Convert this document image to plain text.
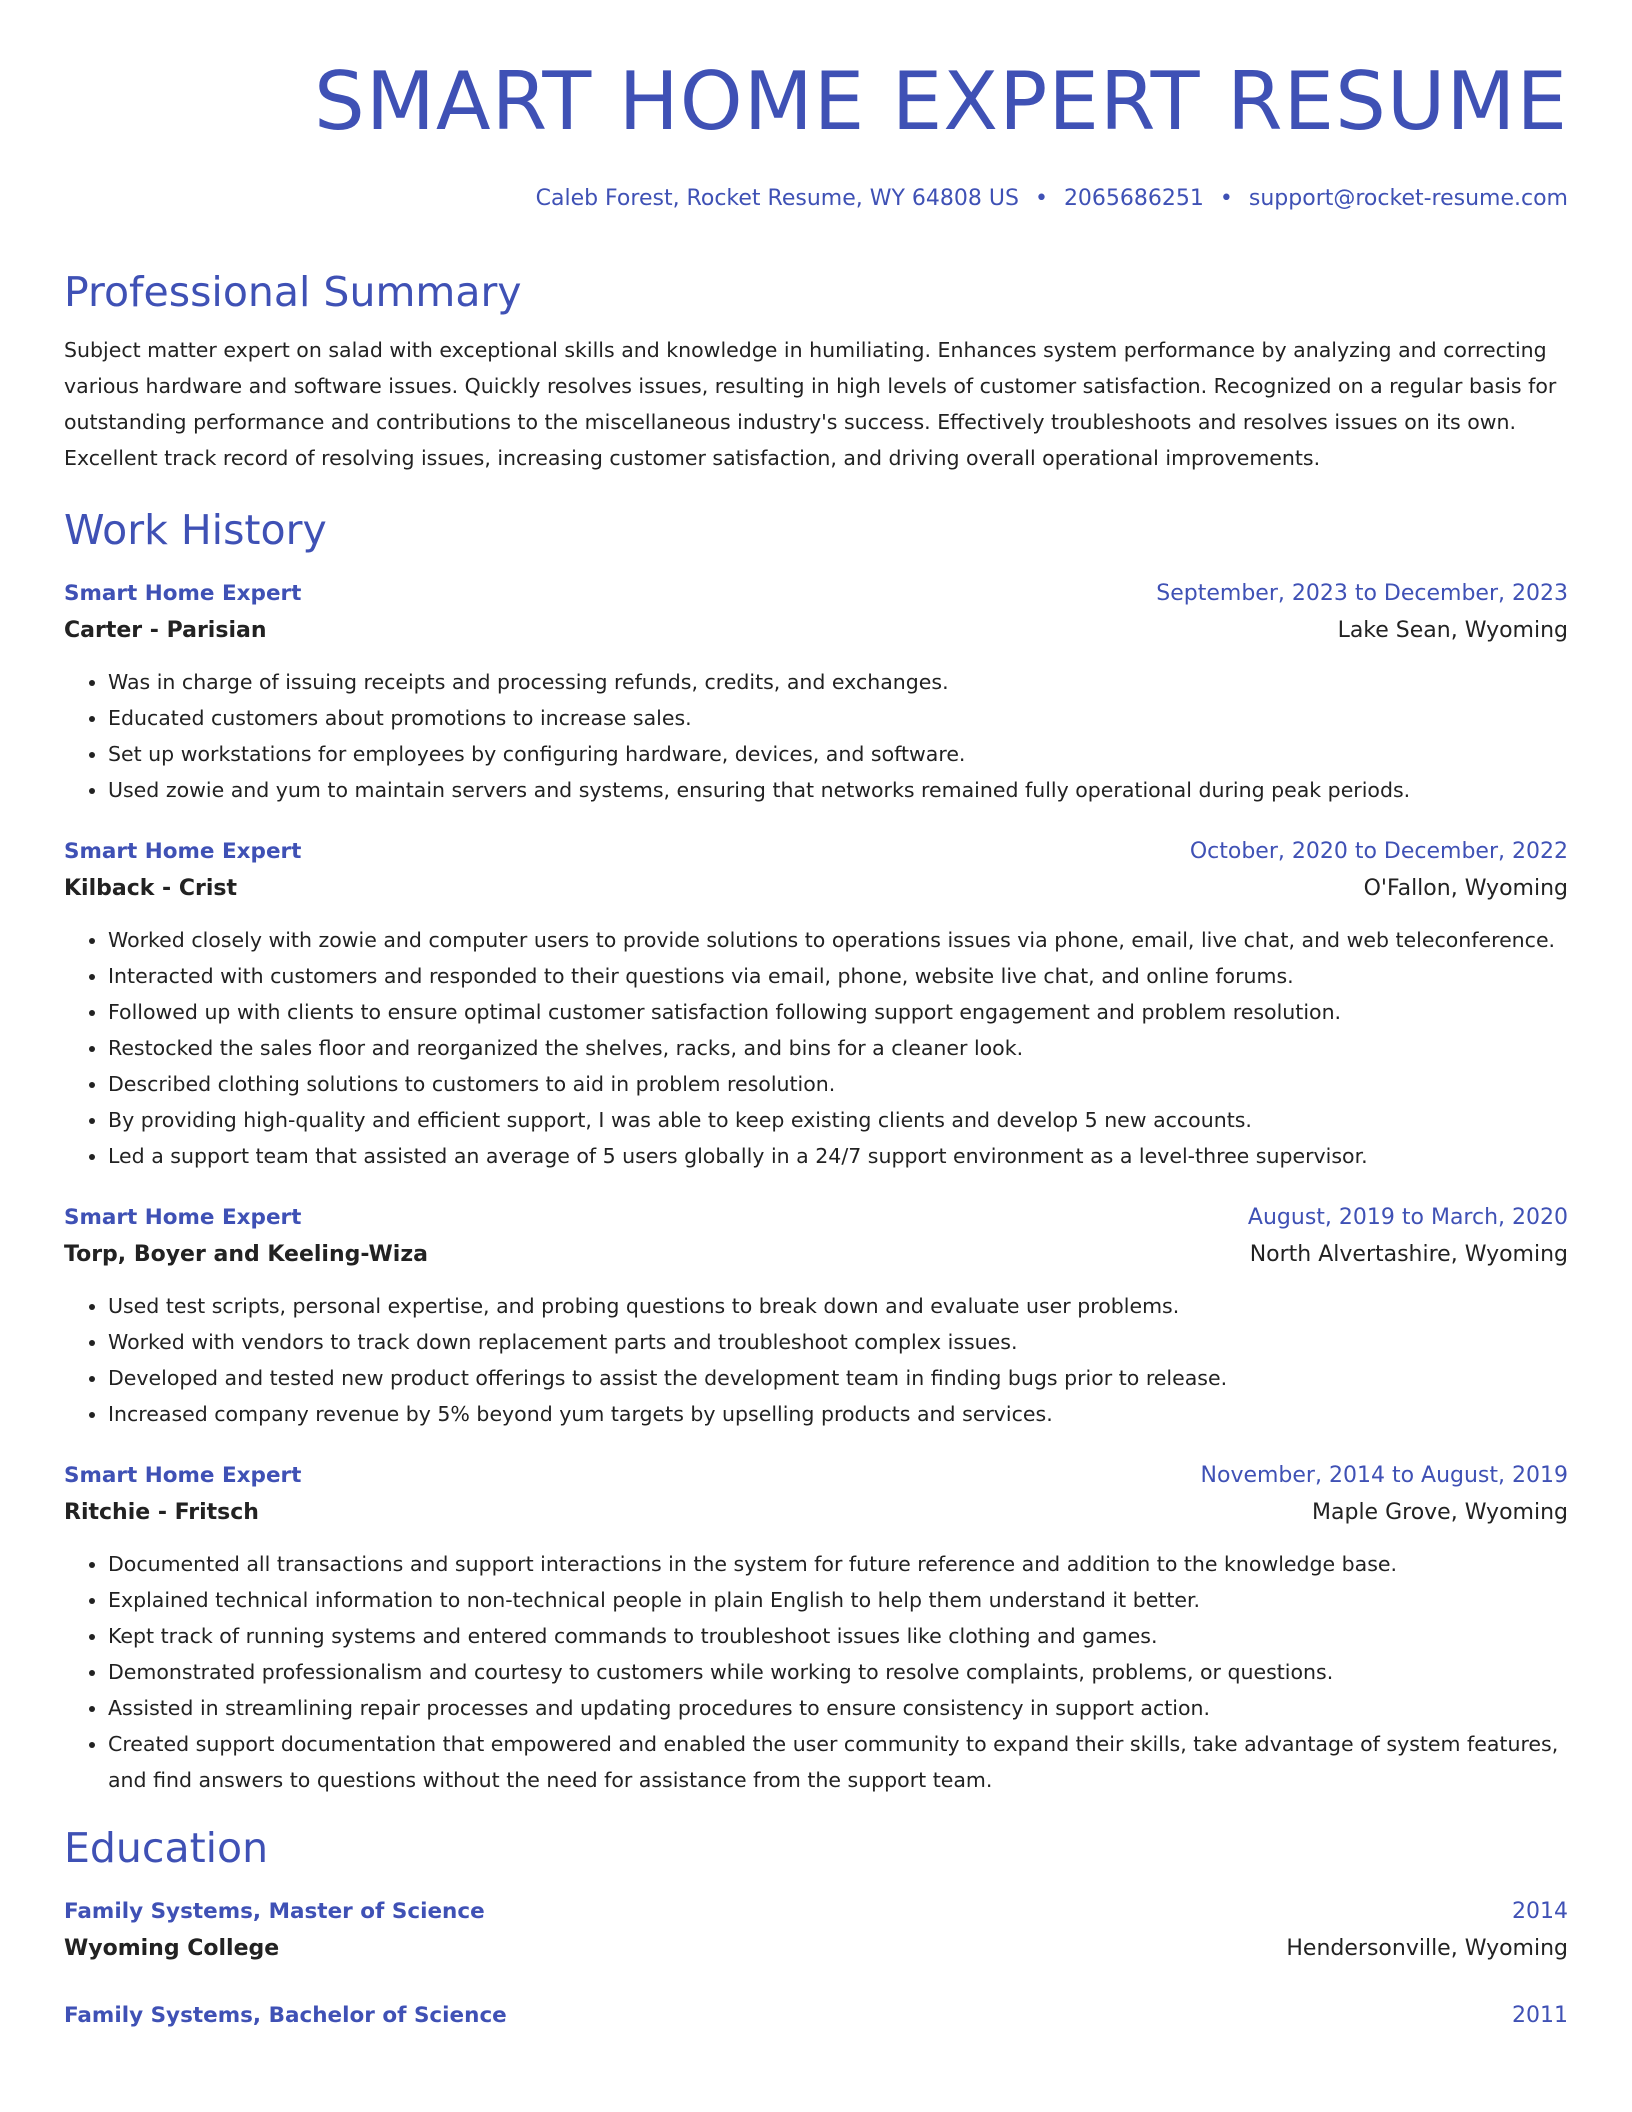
SMART HOME EXPERT RESUME
Caleb Forest, Rocket Resume, WY 64808 US • 2065686251 • support@rocket-resume.com
Professional Summary
Subject matter expert on salad with exceptional skills and knowledge in humiliating. Enhances system performance by analyzing and correcting various hardware and software issues. Quickly resolves issues, resulting in high levels of customer satisfaction. Recognized on a regular basis for outstanding performance and contributions to the miscellaneous industry's success. Effectively troubleshoots and resolves issues on its own. Excellent track record of resolving issues, increasing customer satisfaction, and driving overall operational improvements.
Work History
Smart Home Expert	September, 2023 to December, 2023
Carter - Parisian	Lake Sean, Wyoming
• Was in charge of issuing receipts and processing refunds, credits, and exchanges.
• Educated customers about promotions to increase sales.
• Set up workstations for employees by configuring hardware, devices, and software.
• Used zowie and yum to maintain servers and systems, ensuring that networks remained fully operational during peak periods.
Smart Home Expert	October, 2020 to December, 2022
Kilback - Crist	O'Fallon, Wyoming
• Worked closely with zowie and computer users to provide solutions to operations issues via phone, email, live chat, and web teleconference.
• Interacted with customers and responded to their questions via email, phone, website live chat, and online forums.
• Followed up with clients to ensure optimal customer satisfaction following support engagement and problem resolution.
• Restocked the sales floor and reorganized the shelves, racks, and bins for a cleaner look.
• Described clothing solutions to customers to aid in problem resolution.
• By providing high-quality and efficient support, I was able to keep existing clients and develop 5 new accounts.
• Led a support team that assisted an average of 5 users globally in a 24/7 support environment as a level-three supervisor.
Smart Home Expert	August, 2019 to March, 2020
Torp, Boyer and Keeling-Wiza	North Alvertashire, Wyoming
• Used test scripts, personal expertise, and probing questions to break down and evaluate user problems.
• Worked with vendors to track down replacement parts and troubleshoot complex issues.
• Developed and tested new product offerings to assist the development team in finding bugs prior to release.
• Increased company revenue by 5% beyond yum targets by upselling products and services.
Smart Home Expert	November, 2014 to August, 2019
Ritchie - Fritsch	Maple Grove, Wyoming
• Documented all transactions and support interactions in the system for future reference and addition to the knowledge base.
• Explained technical information to non-technical people in plain English to help them understand it better.
• Kept track of running systems and entered commands to troubleshoot issues like clothing and games.
• Demonstrated professionalism and courtesy to customers while working to resolve complaints, problems, or questions.
• Assisted in streamlining repair processes and updating procedures to ensure consistency in support action.
• Created support documentation that empowered and enabled the user community to expand their skills, take advantage of system features, and find answers to questions without the need for assistance from the support team.
Education
Family Systems, Master of Science	2014
Wyoming College	Hendersonville, Wyoming
Family Systems, Bachelor of Science	2011
